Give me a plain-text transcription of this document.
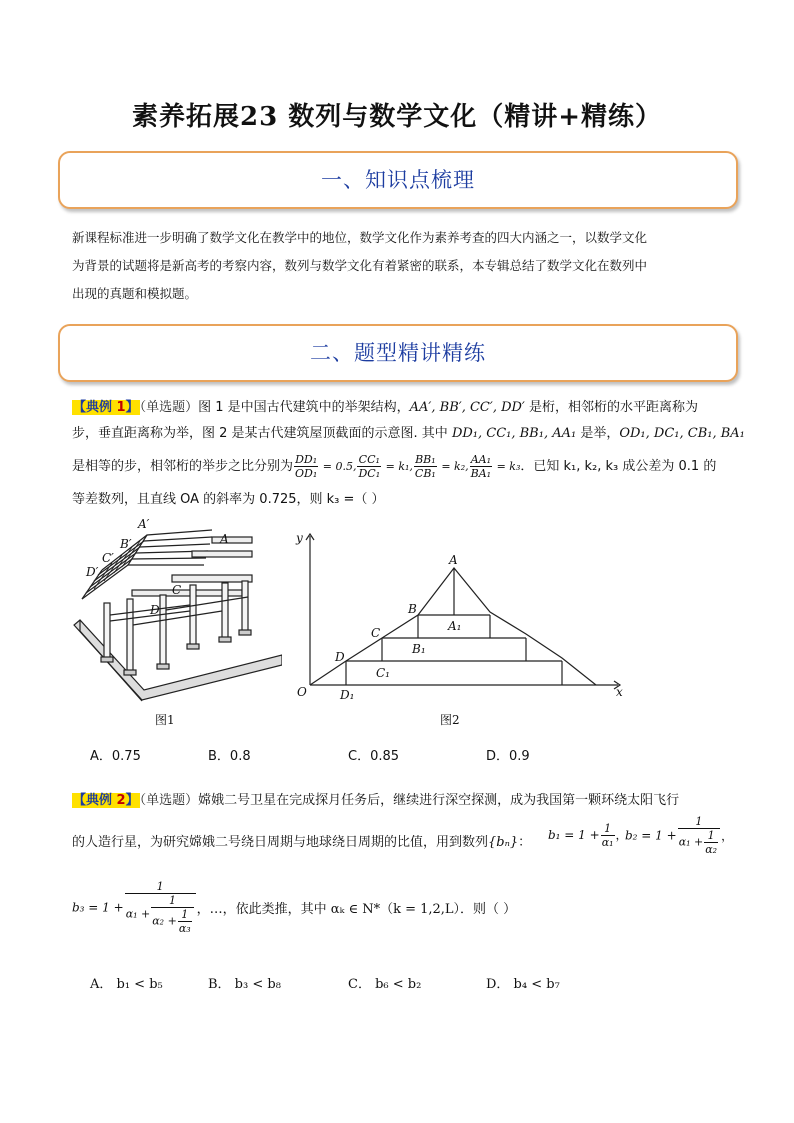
素养拓展23 数列与数学文化（精讲+精练）
一、知识点梳理
新课程标准进一步明确了数学文化在教学中的地位，数学文化作为素养考查的四大内涵之一，以数学文化
为背景的试题将是新高考的考察内容，数列与数学文化有着紧密的联系，本专辑总结了数学文化在数列中
出现的真题和模拟题。
二、题型精讲精练
【典例 1】（单选题）图 1 是中国古代建筑中的举架结构，AA′, BB′, CC′, DD′ 是桁，相邻桁的水平距离称为
步，垂直距离称为举，图 2 是某古代建筑屋顶截面的示意图. 其中 DD₁, CC₁, BB₁, AA₁ 是举，OD₁, DC₁, CB₁, BA₁
是相等的步，相邻桁的举步之比分别为 $\frac{\text{DD₁}}{\text{OD₁}} = 0.5$, $\frac{\text{CC₁}}{\text{DC₁}} = k_1$, $\frac{\text{BB₁}}{\text{CB₁}} = k_2$, $\frac{\text{AA₁}}{\text{BA₁}} = k_3$．已知 k₁, k₂, k₃ 成公差为 0.1 的
等差数列，且直线 OA 的斜率为 0.725，则 k₃ =（ ）
A′
A
B′
C′
C
D′
D
图1
y
x
O
A
B
C
D
A₁
B₁
C₁
D₁
图2
A．0.75	B．0.8	C．0.85	D．0.9
【典例 2】（单选题）嫦娥二号卫星在完成探月任务后，继续进行深空探测，成为我国第一颗环绕太阳飞行
的人造行星，为研究嫦娥二号绕日周期与地球绕日周期的比值，用到数列{bₙ}：	$b_1 = 1 + \frac{1}{\text{α₁}}$ ，
$b_2 = 1 + \frac{1}{\alpha_1 + \frac{1}{\text{α₂}}}$ ，
$b_3 = 1 + \frac{1}{\alpha_1 + \frac{1}{\alpha_2 + \frac{1}{\text{α₃}}}}$ ，…，依此类推，其中 αₖ ∈ N*（k = 1,2,L）．则（ ）
A． b₁ < b₅	B． b₃ < b₈	C． b₆ < b₂	D． b₄ < b₇
